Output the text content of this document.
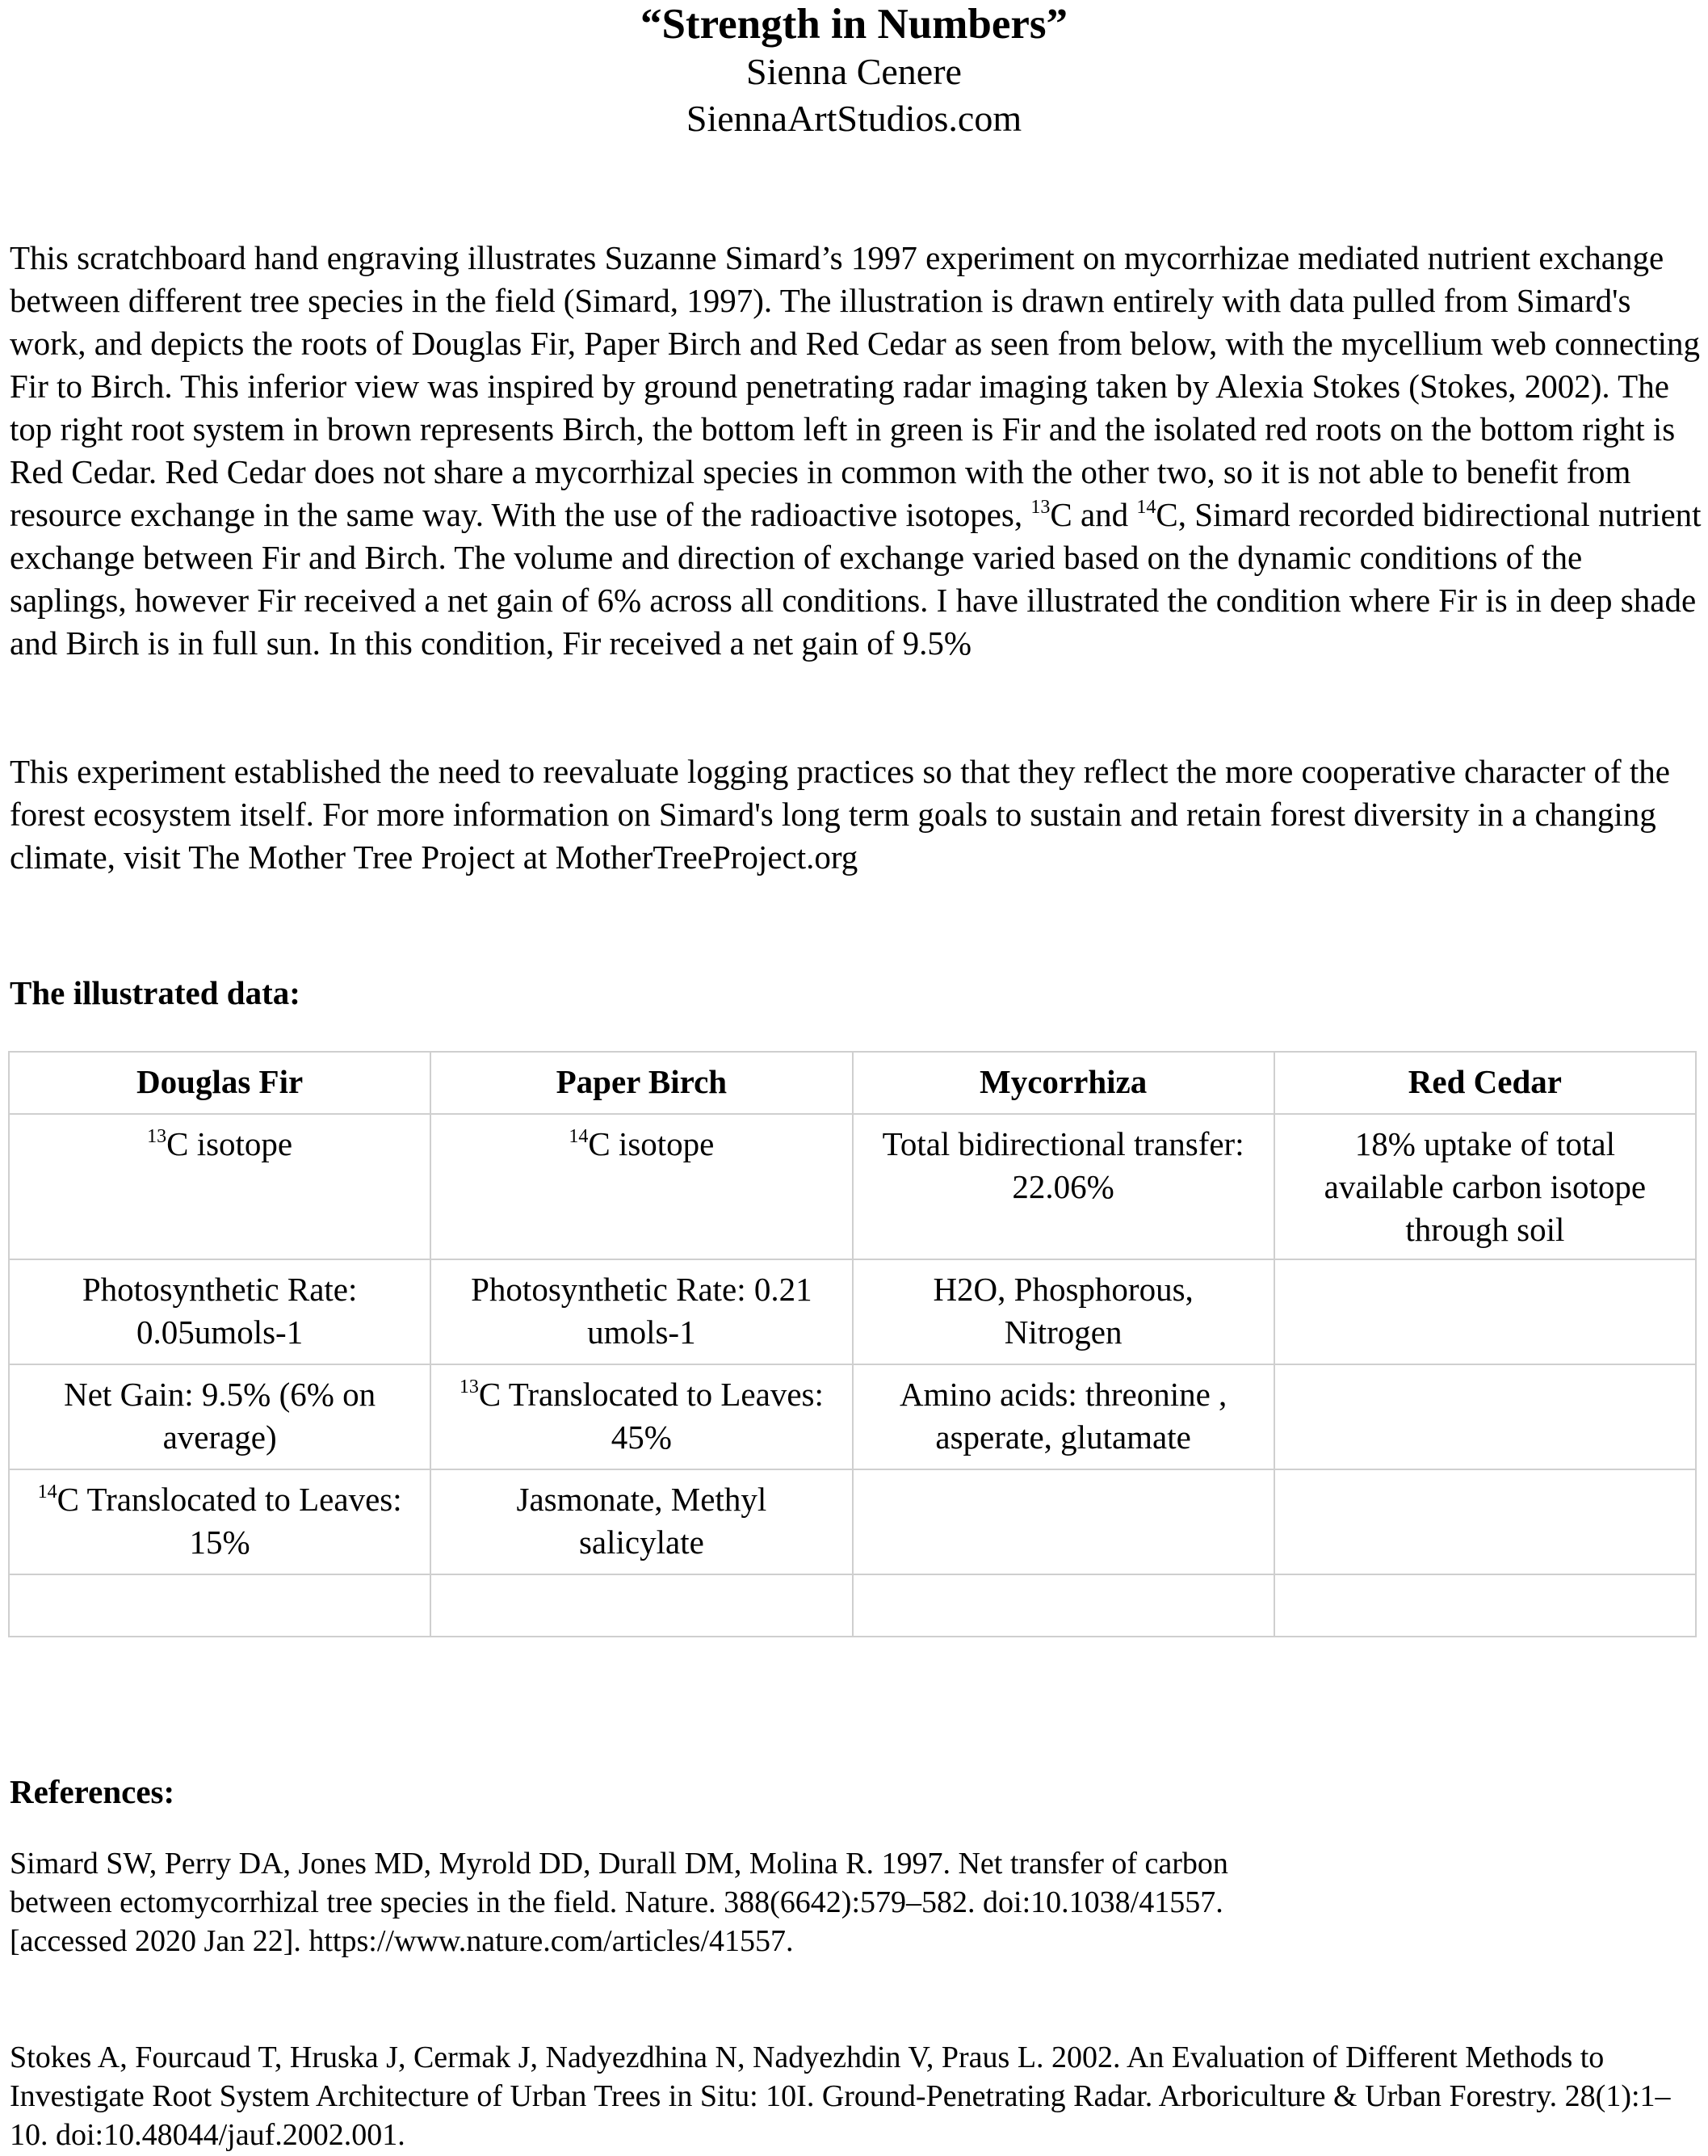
“Strength in Numbers”

Sienna Cenere

SiennaArtStudios.com

This scratchboard hand engraving illustrates Suzanne Simard’s 1997 experiment on mycorrhizae mediated nutrient exchange between different tree species in the field (Simard, 1997). The illustration is drawn entirely with data pulled from Simard's work, and depicts the roots of Douglas Fir, Paper Birch and Red Cedar as seen from below, with the mycellium web connecting Fir to Birch. This inferior view was inspired by ground penetrating radar imaging taken by Alexia Stokes (Stokes, 2002). The top right root system in brown represents Birch, the bottom left in green is Fir and the isolated red roots on the bottom right is Red Cedar. Red Cedar does not share a mycorrhizal species in common with the other two, so it is not able to benefit from resource exchange in the same way. With the use of the radioactive isotopes, $^{13}$C and $^{14}$C, Simard recorded bidirectional nutrient exchange between Fir and Birch. The volume and direction of exchange varied based on the dynamic conditions of the saplings, however Fir received a net gain of 6% across all conditions. I have illustrated the condition where Fir is in deep shade and Birch is in full sun. In this condition, Fir received a net gain of 9.5%

This experiment established the need to reevaluate logging practices so that they reflect the more cooperative character of the forest ecosystem itself. For more information on Simard's long term goals to sustain and retain forest diversity in a changing climate, visit The Mother Tree Project at MotherTreeProject.org

The illustrated data:

Douglas Fir	Paper Birch	Mycorrhiza	Red Cedar
$^{13}$C isotope	$^{14}$C isotope	Total bidirectional transfer: 22.06%	18% uptake of total available carbon isotope through soil
Photosynthetic Rate: 0.05umols-1	Photosynthetic Rate: 0.21 umols-1	H2O, Phosphorous, Nitrogen	
Net Gain: 9.5% (6% on average)	$^{13}$C Translocated to Leaves: 45%	Amino acids: threonine , asperate, glutamate	
$^{14}$C Translocated to Leaves: 15%	Jasmonate, Methyl salicylate		

References:

Simard SW, Perry DA, Jones MD, Myrold DD, Durall DM, Molina R. 1997. Net transfer of carbon between ectomycorrhizal tree species in the field. Nature. 388(6642):579–582. doi:10.1038/41557. [accessed 2020 Jan 22]. https://www.nature.com/articles/41557.

Stokes A, Fourcaud T, Hruska J, Cermak J, Nadyezdhina N, Nadyezhdin V, Praus L. 2002. An Evaluation of Different Methods to Investigate Root System Architecture of Urban Trees in Situ: 10I. Ground-Penetrating Radar. Arboriculture & Urban Forestry. 28(1):1–10. doi:10.48044/jauf.2002.001.
